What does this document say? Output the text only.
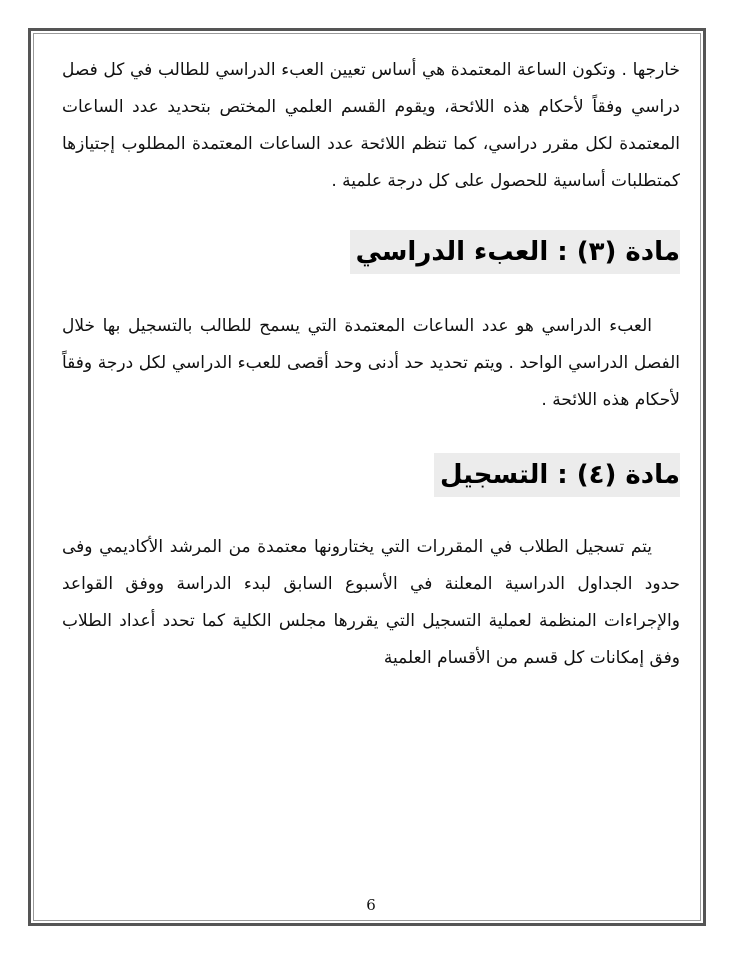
خارجها . وتكون الساعة المعتمدة هي أساس تعيين العبء الدراسي للطالب في كل فصل دراسي وفقاً لأحكام هذه اللائحة، ويقوم القسم العلمي المختص بتحديد عدد الساعات المعتمدة لكل مقرر دراسي، كما تنظم اللائحة عدد الساعات المعتمدة المطلوب إجتيازها كمتطلبات أساسية للحصول على كل درجة علمية .

مادة (٣) : العبء الدراسي

العبء الدراسي هو عدد الساعات المعتمدة التي يسمح للطالب بالتسجيل بها خلال الفصل الدراسي الواحد . ويتم تحديد حد أدنى وحد أقصى للعبء الدراسي لكل درجة وفقاً لأحكام هذه اللائحة .

مادة (٤) : التسجيل

يتم تسجيل الطلاب في المقررات التي يختارونها معتمدة من المرشد الأكاديمي وفى حدود الجداول الدراسية المعلنة في الأسبوع السابق لبدء الدراسة ووفق القواعد والإجراءات المنظمة لعملية التسجيل التي يقررها مجلس الكلية كما تحدد أعداد الطلاب وفق إمكانات كل قسم من الأقسام العلمية

6
